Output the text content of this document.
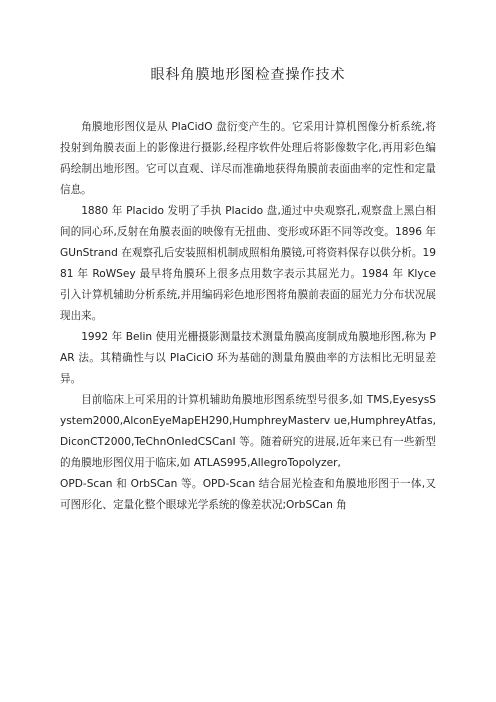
眼科角膜地形图检查操作技术

角膜地形图仪是从 PlaCidO 盘衍变产生的。它采用计算机图像分析系统,将投射到角膜表面上的影像进行摄影,经程序软件处理后将影像数字化,再用彩色编码绘制出地形图。它可以直观、详尽而准确地获得角膜前表面曲率的定性和定量信息。

1880 年 Placido 发明了手执 Placido 盘,通过中央观察孔,观察盘上黑白相间的同心环,反射在角膜表面的映像有无扭曲、变形或环距不同等改变。1896 年 GUnStrand 在观察孔后安装照相机制成照相角膜镜,可将资料保存以供分析。1981 年 RoWSey 最早将角膜环上很多点用数字表示其屈光力。1984 年 Klyce 引入计算机辅助分析系统,并用编码彩色地形图将角膜前表面的屈光力分布状况展现出来。

1992 年 Belin 使用光栅摄影测量技术测量角膜高度制成角膜地形图,称为 PAR 法。其精确性与以 PIaCiciO 环为基础的测量角膜曲率的方法相比无明显差异。

目前临床上可采用的计算机辅助角膜地形图系统型号很多,如 TMS,EyesysSystem2000,AlconEyeMapEH290,HumphreyMasterv ue,HumphreyAtfas,DiconCT2000,TeChnOnIedCSCanI 等。随着研究的进展,近年来已有一些新型的角膜地形图仪用于临床,如 ATLAS995,AllegroTopolyzer,

OPD-Scan 和 OrbSCan 等。OPD-Scan 结合屈光检查和角膜地形图于一体,又可图形化、定量化整个眼球光学系统的像差状况;OrbSCan 角
